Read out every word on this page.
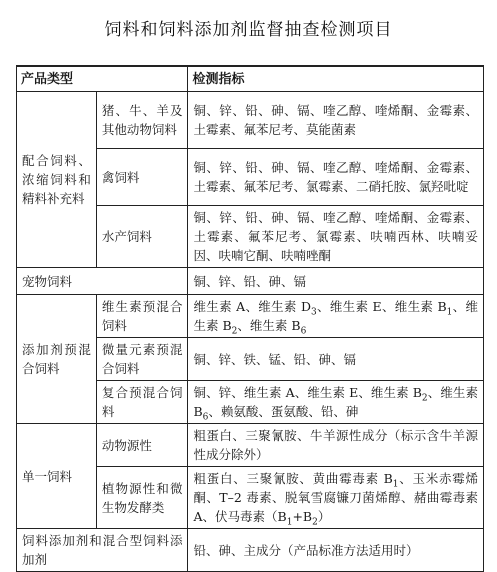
饲料和饲料添加剂监督抽查检测项目
产品类型		检测指标
配合饲料、浓缩饲料和精料补充料	猪、牛、羊及其他动物饲料	铜、锌、铅、砷、镉、喹乙醇、喹烯酮、金霉素、土霉素、氟苯尼考、莫能菌素
	禽饲料	铜、锌、铅、砷、镉、喹乙醇、喹烯酮、金霉素、土霉素、氟苯尼考、氯霉素、二硝托胺、氯羟吡啶
	水产饲料	铜、锌、铅、砷、镉、喹乙醇、喹烯酮、金霉素、土霉素、氟苯尼考、氯霉素、呋喃西林、呋喃妥因、呋喃它酮、呋喃唑酮
宠物饲料		铜、锌、铅、砷、镉
添加剂预混合饲料	维生素预混合饲料	维生素 A、维生素 $D_3$、维生素 E、维生素 $B_1$、维生素 $B_2$、维生素 $B_6$
	微量元素预混合饲料	铜、锌、铁、锰、铅、砷、镉
	复合预混合饲料	铜、锌、维生素 A、维生素 E、维生素 $B_2$、维生素 $B_6$、赖氨酸、蛋氨酸、铅、砷
单一饲料	动物源性	粗蛋白、三聚氰胺、牛羊源性成分（标示含牛羊源性成分除外）
	植物源性和微生物发酵类	粗蛋白、三聚氰胺、黄曲霉毒素 $B_1$、玉米赤霉烯酮、T–2 毒素、脱氧雪腐镰刀菌烯醇、赭曲霉毒素 A、伏马毒素$(B_1+B_2)$
饲料添加剂和混合型饲料添加剂		铅、砷、主成分（产品标准方法适用时）
